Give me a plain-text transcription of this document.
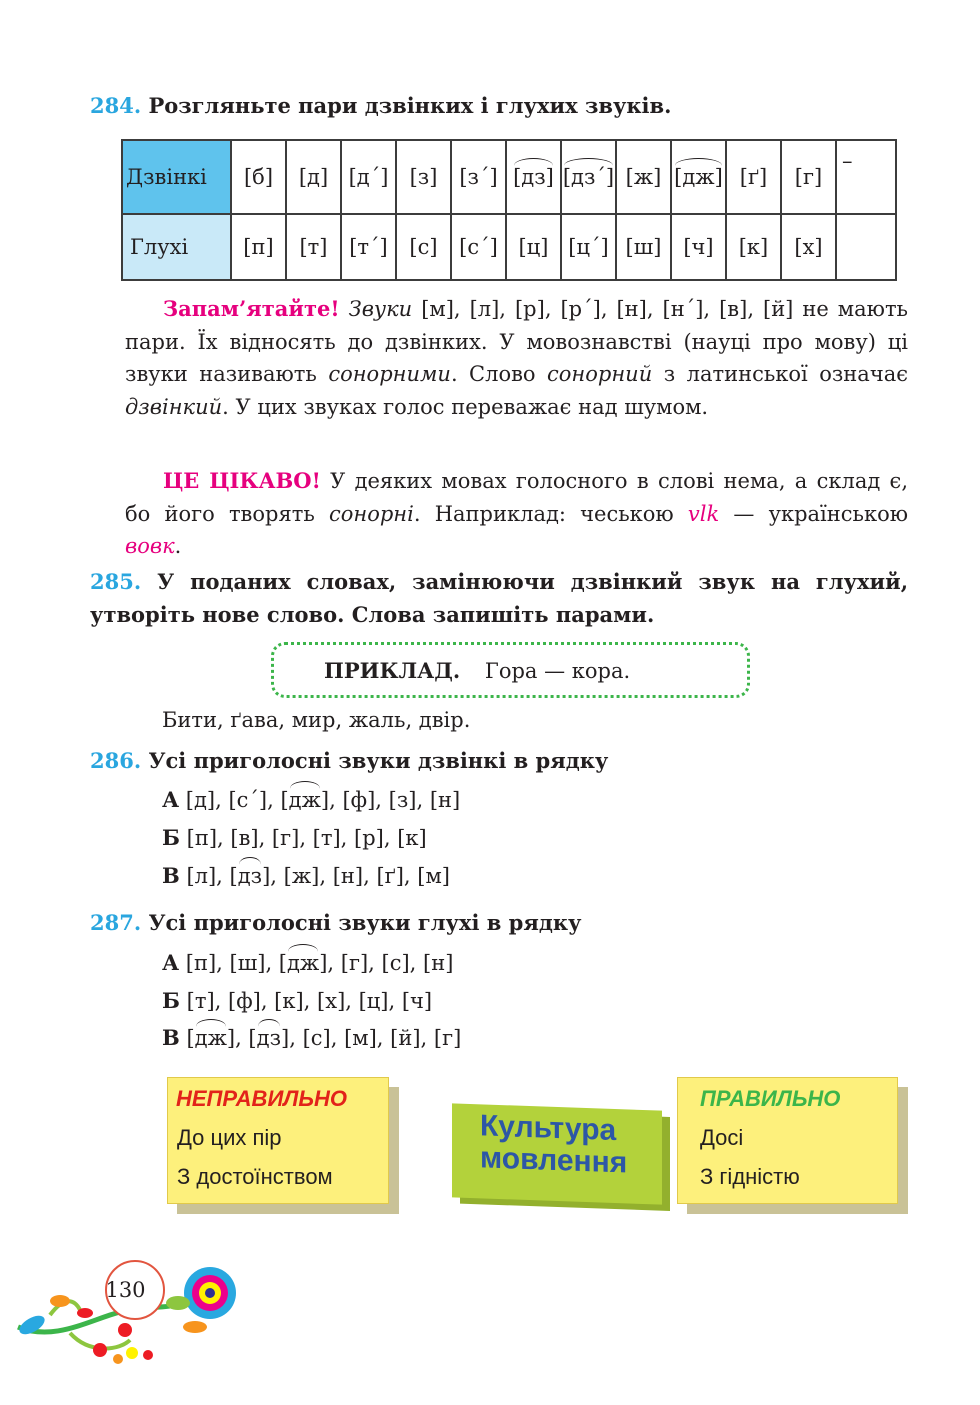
284. Розгляньте пари дзвінких і глухих звуків.
Дзвінкі	[б]	[д]	[д´]	[з]	[з´]	[дз]	[дз´]	[ж]	[дж]	[ґ]	[г]	–
Глухі	[п]	[т]	[т´]	[с]	[с´]	[ц]	[ц´]	[ш]	[ч]	[к]	[х]	
Запам’ятайте! Звуки [м], [л], [р], [р´], [н], [н´], [в], [й] не мають пари. Їх відносять до дзвінких. У мовознавстві (науці про мову) ці звуки називають сонорними. Слово сонорний з латинської означає дзвінкий. У цих звуках голос переважає над шумом.
ЦЕ ЦІКАВО! У деяких мовах голосного в слові нема, а склад є, бо його творять сонорні. Наприклад: чеською vlk — українською вовк.
285. У поданих словах, замінюючи дзвінкий звук на глухий, утворіть нове слово. Слова запишіть парами.
ПРИКЛАД. Гора — кора.
Бити, ґава, мир, жаль, двір.
286. Усі приголосні звуки дзвінкі в рядку
А [д], [с´], [дж], [ф], [з], [н]
Б [п], [в], [г], [т], [р], [к]
В [л], [дз], [ж], [н], [ґ], [м]
287. Усі приголосні звуки глухі в рядку
А [п], [ш], [дж], [г], [с], [н]
Б [т], [ф], [к], [х], [ц], [ч]
В [дж], [дз], [с], [м], [й], [г]
НЕПРАВИЛЬНО
До цих пір
З достоїнством
Культура
мовлення
ПРАВИЛЬНО
Досі
З гідністю
130
